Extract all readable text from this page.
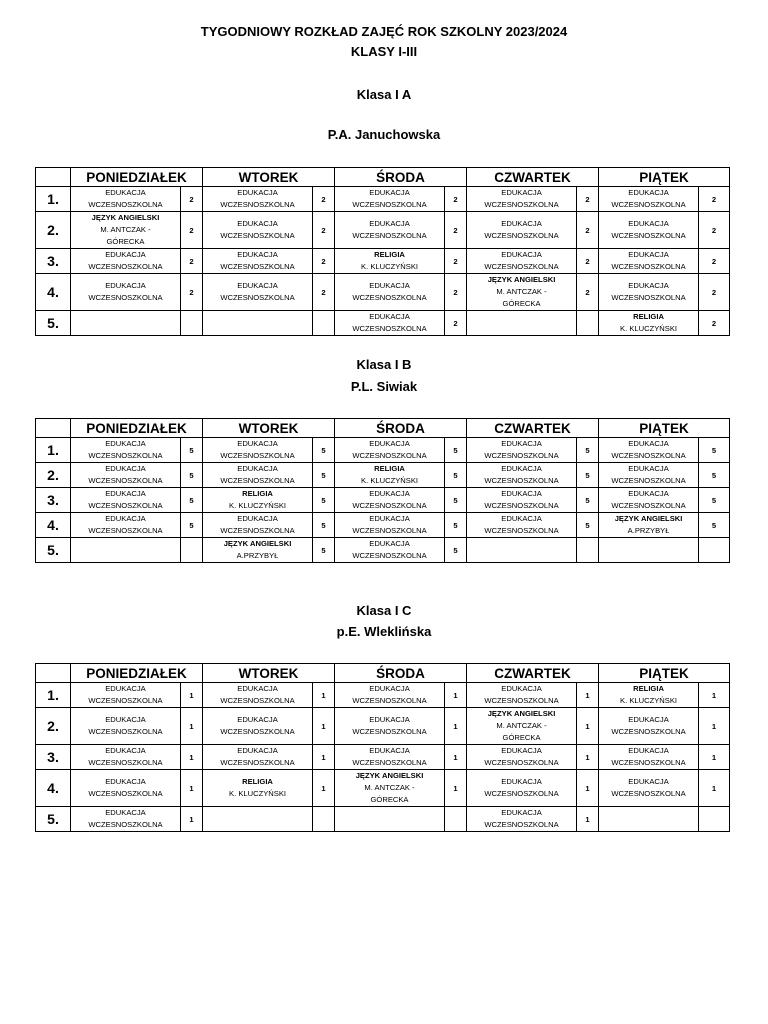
TYGODNIOWY ROZKŁAD ZAJĘĆ ROK SZKOLNY 2023/2024
KLASY I-III
Klasa I A
P.A. Januchowska
Klasa I B
P.L. Siwiak
Klasa I C
p.E. Wleklińska
	PONIEDZIAŁEK		WTOREK		ŚRODA		CZWARTEK		PIĄTEK	
1.	EDUKACJA
WCZESNOSZKOLNA	2	EDUKACJA
WCZESNOSZKOLNA	2	EDUKACJA
WCZESNOSZKOLNA	2	EDUKACJA
WCZESNOSZKOLNA	2	EDUKACJA
WCZESNOSZKOLNA	2
2.	JĘZYK ANGIELSKI
M. ANTCZAK -
GÓRECKA	2	EDUKACJA
WCZESNOSZKOLNA	2	EDUKACJA
WCZESNOSZKOLNA	2	EDUKACJA
WCZESNOSZKOLNA	2	EDUKACJA
WCZESNOSZKOLNA	2
3.	EDUKACJA
WCZESNOSZKOLNA	2	EDUKACJA
WCZESNOSZKOLNA	2	RELIGIA
K. KLUCZYŃSKI	2	EDUKACJA
WCZESNOSZKOLNA	2	EDUKACJA
WCZESNOSZKOLNA	2
4.	EDUKACJA
WCZESNOSZKOLNA	2	EDUKACJA
WCZESNOSZKOLNA	2	EDUKACJA
WCZESNOSZKOLNA	2	JĘZYK ANGIELSKI
M. ANTCZAK -
GÓRECKA	2	EDUKACJA
WCZESNOSZKOLNA	2
5.					EDUKACJA
WCZESNOSZKOLNA	2			RELIGIA
K. KLUCZYŃSKI	2
	PONIEDZIAŁEK		WTOREK		ŚRODA		CZWARTEK		PIĄTEK	
1.	EDUKACJA
WCZESNOSZKOLNA	5	EDUKACJA
WCZESNOSZKOLNA	5	EDUKACJA
WCZESNOSZKOLNA	5	EDUKACJA
WCZESNOSZKOLNA	5	EDUKACJA
WCZESNOSZKOLNA	5
2.	EDUKACJA
WCZESNOSZKOLNA	5	EDUKACJA
WCZESNOSZKOLNA	5	RELIGIA
K. KLUCZYŃSKI	5	EDUKACJA
WCZESNOSZKOLNA	5	EDUKACJA
WCZESNOSZKOLNA	5
3.	EDUKACJA
WCZESNOSZKOLNA	5	RELIGIA
K. KLUCZYŃSKI	5	EDUKACJA
WCZESNOSZKOLNA	5	EDUKACJA
WCZESNOSZKOLNA	5	EDUKACJA
WCZESNOSZKOLNA	5
4.	EDUKACJA
WCZESNOSZKOLNA	5	EDUKACJA
WCZESNOSZKOLNA	5	EDUKACJA
WCZESNOSZKOLNA	5	EDUKACJA
WCZESNOSZKOLNA	5	JĘZYK ANGIELSKI
A.PRZYBYŁ	5
5.			JĘZYK ANGIELSKI
A.PRZYBYŁ	5	EDUKACJA
WCZESNOSZKOLNA	5				
	PONIEDZIAŁEK		WTOREK		ŚRODA		CZWARTEK		PIĄTEK	
1.	EDUKACJA
WCZESNOSZKOLNA	1	EDUKACJA
WCZESNOSZKOLNA	1	EDUKACJA
WCZESNOSZKOLNA	1	EDUKACJA
WCZESNOSZKOLNA	1	RELIGIA
K. KLUCZYŃSKI	1
2.	EDUKACJA
WCZESNOSZKOLNA	1	EDUKACJA
WCZESNOSZKOLNA	1	EDUKACJA
WCZESNOSZKOLNA	1	JĘZYK ANGIELSKI
M. ANTCZAK -
GÓRECKA	1	EDUKACJA
WCZESNOSZKOLNA	1
3.	EDUKACJA
WCZESNOSZKOLNA	1	EDUKACJA
WCZESNOSZKOLNA	1	EDUKACJA
WCZESNOSZKOLNA	1	EDUKACJA
WCZESNOSZKOLNA	1	EDUKACJA
WCZESNOSZKOLNA	1
4.	EDUKACJA
WCZESNOSZKOLNA	1	RELIGIA
K. KLUCZYŃSKI	1	JĘZYK ANGIELSKI
M. ANTCZAK -
GÓRECKA	1	EDUKACJA
WCZESNOSZKOLNA	1	EDUKACJA
WCZESNOSZKOLNA	1
5.	EDUKACJA
WCZESNOSZKOLNA	1					EDUKACJA
WCZESNOSZKOLNA	1		
